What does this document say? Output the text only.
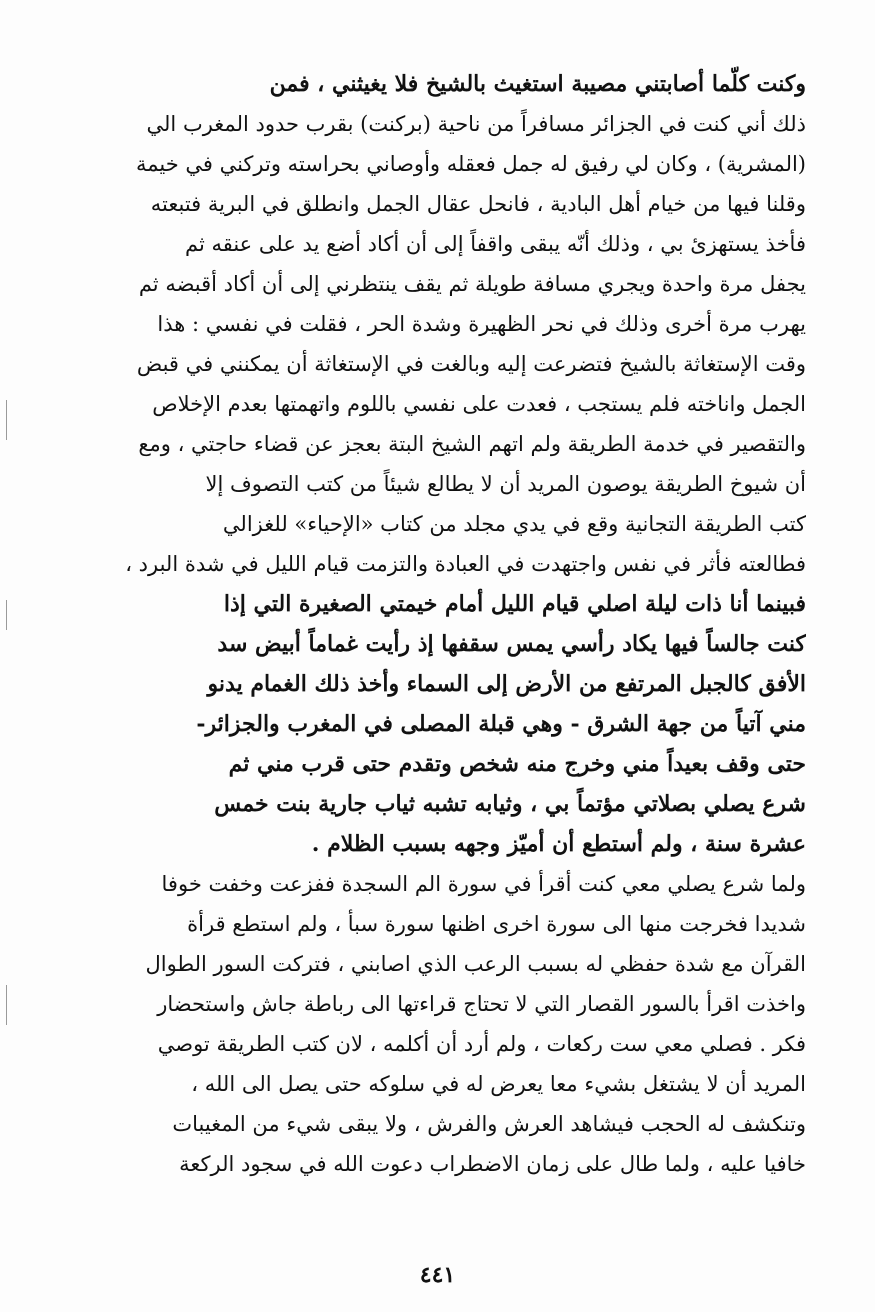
وكنت كلّما أصابتني مصيبة استغيث بالشيخ فلا يغيثني ، فمن
ذلك أني كنت في الجزائر مسافراً من ناحية (بركنت) بقرب حدود المغرب الي
(المشرية) ، وكان لي رفيق له جمل فعقله وأوصاني بحراسته وتركني في خيمة
وقلنا فيها من خيام أهل البادية ، فانحل عقال الجمل وانطلق في البرية فتبعته
فأخذ يستهزئ بي ، وذلك أنّه يبقى واقفاً إلى أن أكاد أضع يد على عنقه ثم
يجفل مرة واحدة ويجري مسافة طويلة ثم يقف ينتظرني إلى أن أكاد أقبضه ثم
يهرب مرة أخرى وذلك في نحر الظهيرة وشدة الحر ، فقلت في نفسي : هذا
وقت الإستغاثة بالشيخ فتضرعت إليه وبالغت في الإستغاثة أن يمكنني في قبض
الجمل واناخته فلم يستجب ، فعدت على نفسي باللوم واتهمتها بعدم الإخلاص
والتقصير في خدمة الطريقة ولم اتهم الشيخ البتة بعجز عن قضاء حاجتي ، ومع
أن شيوخ الطريقة يوصون المريد أن لا يطالع شيئاً من كتب التصوف إلا
كتب الطريقة التجانية وقع في يدي مجلد من كتاب «الإحياء» للغزالي
فطالعته فأثر في نفس واجتهدت في العبادة والتزمت قيام الليل في شدة البرد ،
فبينما أنا ذات ليلة اصلي قيام الليل أمام خيمتي الصغيرة التي إذا
كنت جالساً فيها يكاد رأسي يمس سقفها إذ رأيت غماماً أبيض سد
الأفق كالجبل المرتفع من الأرض إلى السماء وأخذ ذلك الغمام يدنو
مني آتياً من جهة الشرق - وهي قبلة المصلى في المغرب والجزائر-
حتى وقف بعيداً مني وخرج منه شخص وتقدم حتى قرب مني ثم
شرع يصلي بصلاتي مؤتماً بي ، وثيابه تشبه ثياب جارية بنت خمس
عشرة سنة ، ولم أستطع أن أميّز وجهه بسبب الظلام .
ولما شرع يصلي معي كنت أقرأ في سورة الم السجدة ففزعت وخفت خوفا
شديدا فخرجت منها الى سورة اخرى اظنها سورة سبأ ، ولم استطع قرأة
القرآن مع شدة حفظي له بسبب الرعب الذي اصابني ، فتركت السور الطوال
واخذت اقرأ بالسور القصار التي لا تحتاج قراءتها الى رباطة جاش واستحضار
فكر . فصلي معي ست ركعات ، ولم أرد أن أكلمه ، لان كتب الطريقة توصي
المريد أن لا يشتغل بشيء معا يعرض له في سلوكه حتى يصل الى الله ،
وتنكشف له الحجب فيشاهد العرش والفرش ، ولا يبقى شيء من المغيبات
خافيا عليه ، ولما طال على زمان الاضطراب دعوت الله في سجود الركعة
٤٤١
